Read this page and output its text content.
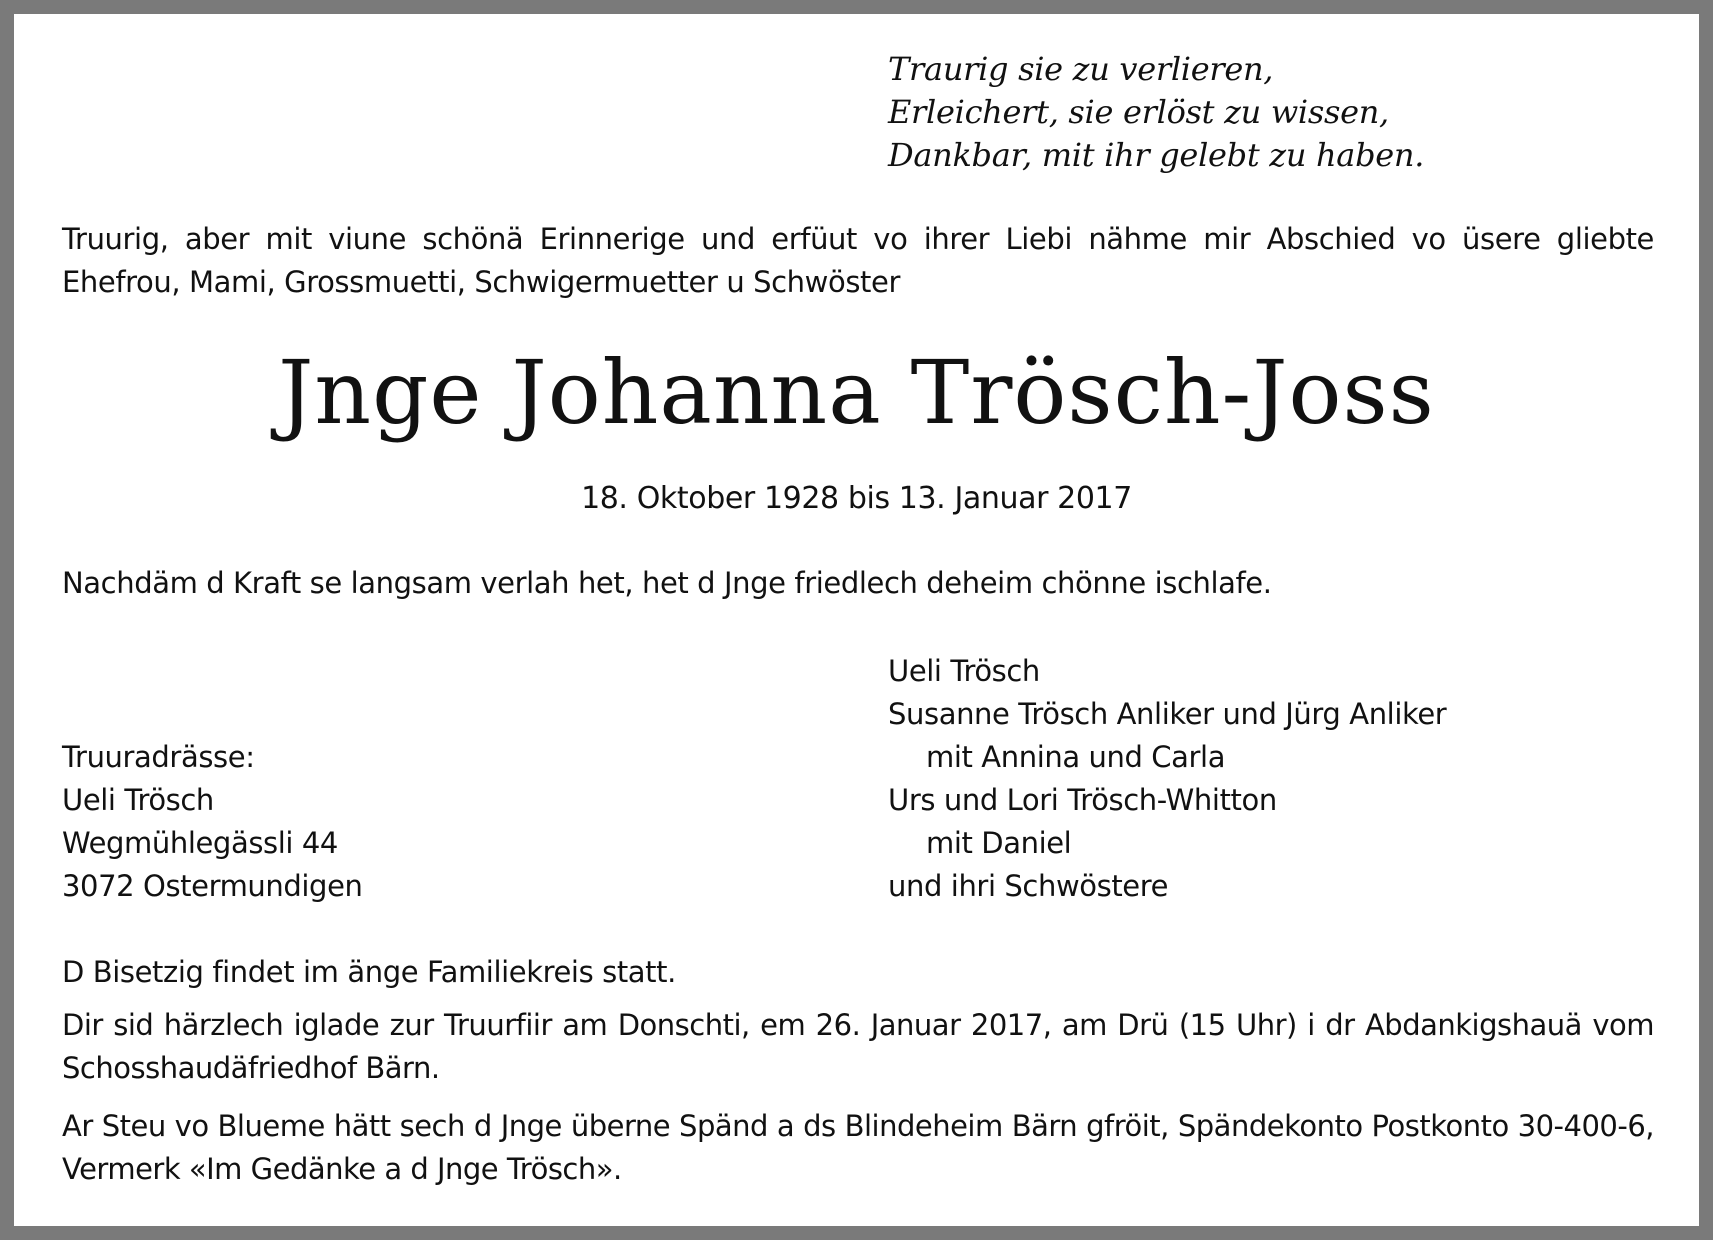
Traurig sie zu verlieren,
Erleichert, sie erlöst zu wissen,
Dankbar, mit ihr gelebt zu haben.
Truurig, aber mit viune schönä Erinnerige und erfüut vo ihrer Liebi nähme mir Abschied vo üsere gliebte Ehefrou, Mami, Grossmuetti, Schwigermuetter u Schwöster
Jnge Johanna Trösch-Joss
18. Oktober 1928 bis 13. Januar 2017
Nachdäm d Kraft se langsam verlah het, het d Jnge friedlech deheim chönne ischlafe.
Ueli Trösch
Susanne Trösch Anliker und Jürg Anliker
mit Annina und Carla
Urs und Lori Trösch-Whitton
mit Daniel
und ihri Schwöstere
Truuradrässe:
Ueli Trösch
Wegmühlegässli 44
3072 Ostermundigen
D Bisetzig findet im änge Familiekreis statt.
Dir sid härzlech iglade zur Truurfiir am Donschti, em 26. Januar 2017, am Drü (15 Uhr) i dr Abdankigshauä vom Schosshaudäfriedhof Bärn.
Ar Steu vo Blueme hätt sech d Jnge überne Spänd a ds Blindeheim Bärn gfröit, Spändekonto Postkonto 30-400-6, Vermerk «Im Gedänke a d Jnge Trösch».
